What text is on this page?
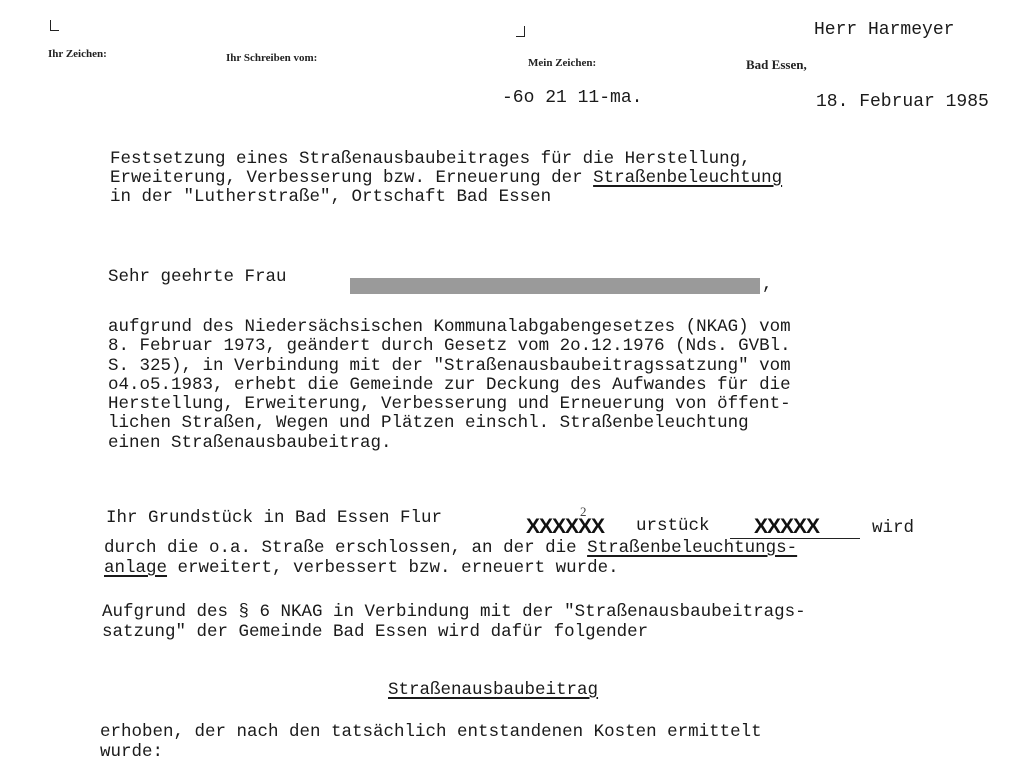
Ihr Zeichen:	Ihr Schreiben vom:	Mein Zeichen:	Bad Essen,
Herr Harmeyer
-6o 21 11-ma.	18. Februar 1985
Festsetzung eines Straßenausbaubeitrages für die Herstellung,
Erweiterung, Verbesserung bzw. Erneuerung der Straßenbeleuchtung
in der "Lutherstraße", Ortschaft Bad Essen
Sehr geehrte Frau	,
aufgrund des Niedersächsischen Kommunalabgabengesetzes (NKAG) vom
8. Februar 1973, geändert durch Gesetz vom 2o.12.1976 (Nds. GVBl.
S. 325), in Verbindung mit der "Straßenausbaubeitragssatzung" vom
o4.o5.1983, erhebt die Gemeinde zur Deckung des Aufwandes für die
Herstellung, Erweiterung, Verbesserung und Erneuerung von öffent-
lichen Straßen, Wegen und Plätzen einschl. Straßenbeleuchtung
einen Straßenausbaubeitrag.
Ihr Grundstück in Bad Essen Flur	XXXXXX
2
urstück XXXXX	wird
durch die o.a. Straße erschlossen, an der die Straßenbeleuchtungs-
anlage erweitert, verbessert bzw. erneuert wurde.
Aufgrund des § 6 NKAG in Verbindung mit der "Straßenausbaubeitrags-
satzung" der Gemeinde Bad Essen wird dafür folgender
Straßenausbaubeitrag
erhoben, der nach den tatsächlich entstandenen Kosten ermittelt
wurde:
